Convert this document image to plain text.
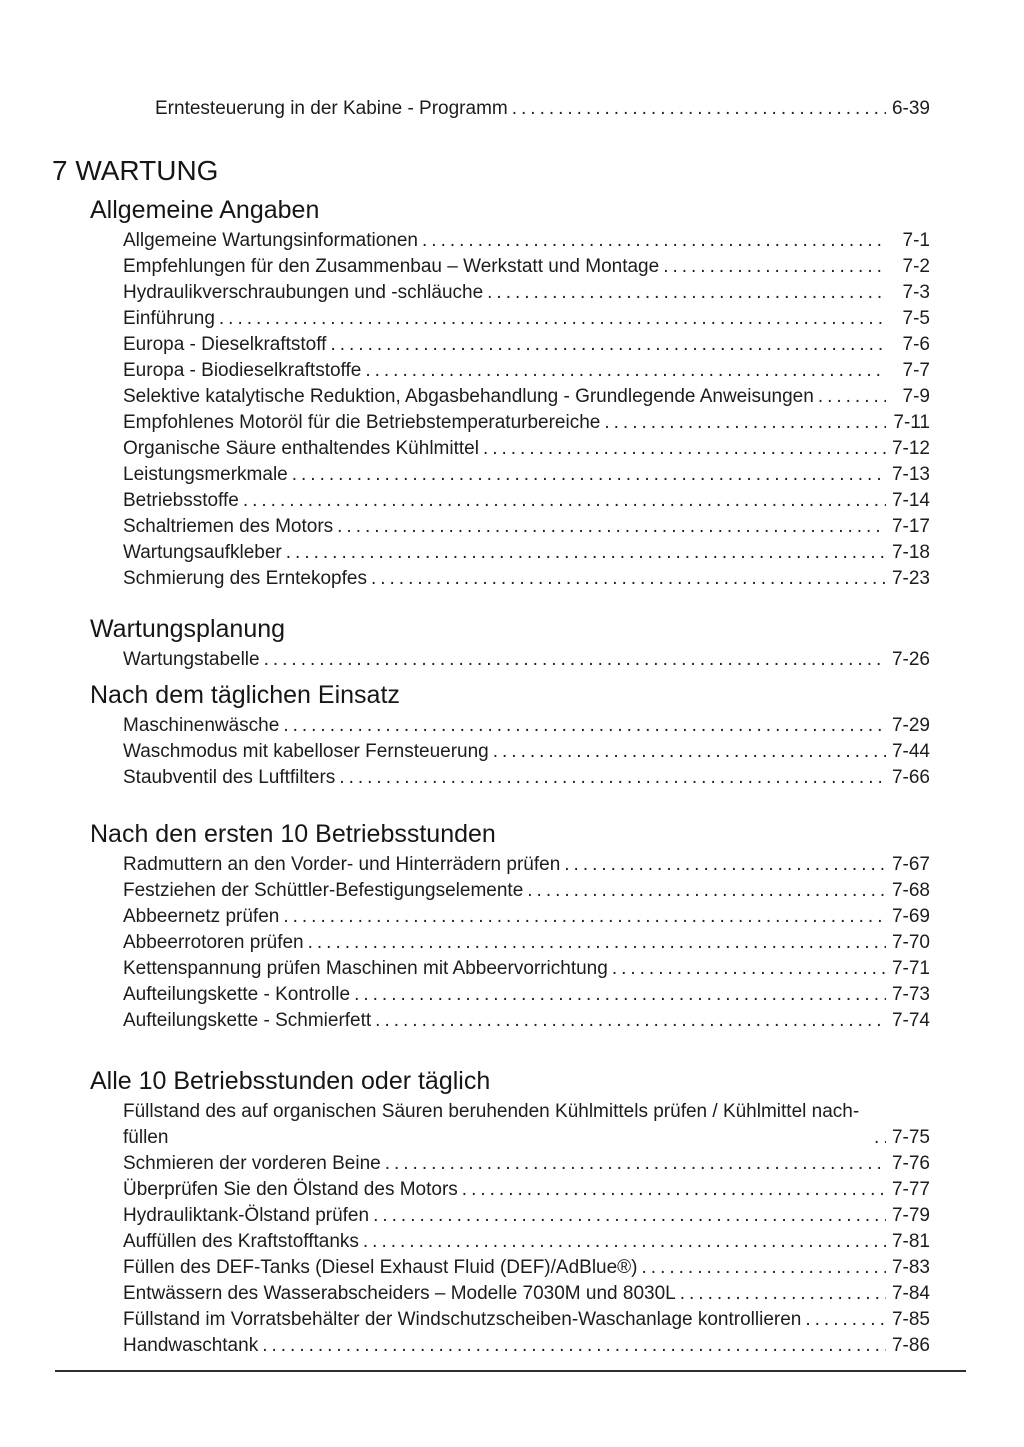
Erntesteuerung in der Kabine - Programm .....	6-39
7 WARTUNG
Allgemeine Angaben
Allgemeine Wartungsinformationen .....	7-1
Empfehlungen für den Zusammenbau – Werkstatt und Montage .....	7-2
Hydraulikverschraubungen und -schläuche .....	7-3
Einführung .....	7-5
Europa - Dieselkraftstoff .....	7-6
Europa - Biodieselkraftstoffe .....	7-7
Selektive katalytische Reduktion, Abgasbehandlung - Grundlegende Anweisungen .....	7-9
Empfohlenes Motoröl für die Betriebstemperaturbereiche .....	7-11
Organische Säure enthaltendes Kühlmittel .....	7-12
Leistungsmerkmale .....	7-13
Betriebsstoffe .....	7-14
Schaltriemen des Motors .....	7-17
Wartungsaufkleber .....	7-18
Schmierung des Erntekopfes .....	7-23
Wartungsplanung
Wartungstabelle .....	7-26
Nach dem täglichen Einsatz
Maschinenwäsche .....	7-29
Waschmodus mit kabelloser Fernsteuerung .....	7-44
Staubventil des Luftfilters .....	7-66
Nach den ersten 10 Betriebsstunden
Radmuttern an den Vorder- und Hinterrädern prüfen .....	7-67
Festziehen der Schüttler-Befestigungselemente .....	7-68
Abbeernetz prüfen .....	7-69
Abbeerrotoren prüfen .....	7-70
Kettenspannung prüfen Maschinen mit Abbeervorrichtung .....	7-71
Aufteilungskette - Kontrolle .....	7-73
Aufteilungskette - Schmierfett .....	7-74
Alle 10 Betriebsstunden oder täglich
Füllstand des auf organischen Säuren beruhenden Kühlmittels prüfen / Kühlmittel nach-füllen .....	7-75
Schmieren der vorderen Beine .....	7-76
Überprüfen Sie den Ölstand des Motors .....	7-77
Hydrauliktank-Ölstand prüfen .....	7-79
Auffüllen des Kraftstofftanks .....	7-81
Füllen des DEF-Tanks (Diesel Exhaust Fluid (DEF)/AdBlue®) .....	7-83
Entwässern des Wasserabscheiders – Modelle 7030M und 8030L .....	7-84
Füllstand im Vorratsbehälter der Windschutzscheiben-Waschanlage kontrollieren .....	7-85
Handwaschtank .....	7-86
